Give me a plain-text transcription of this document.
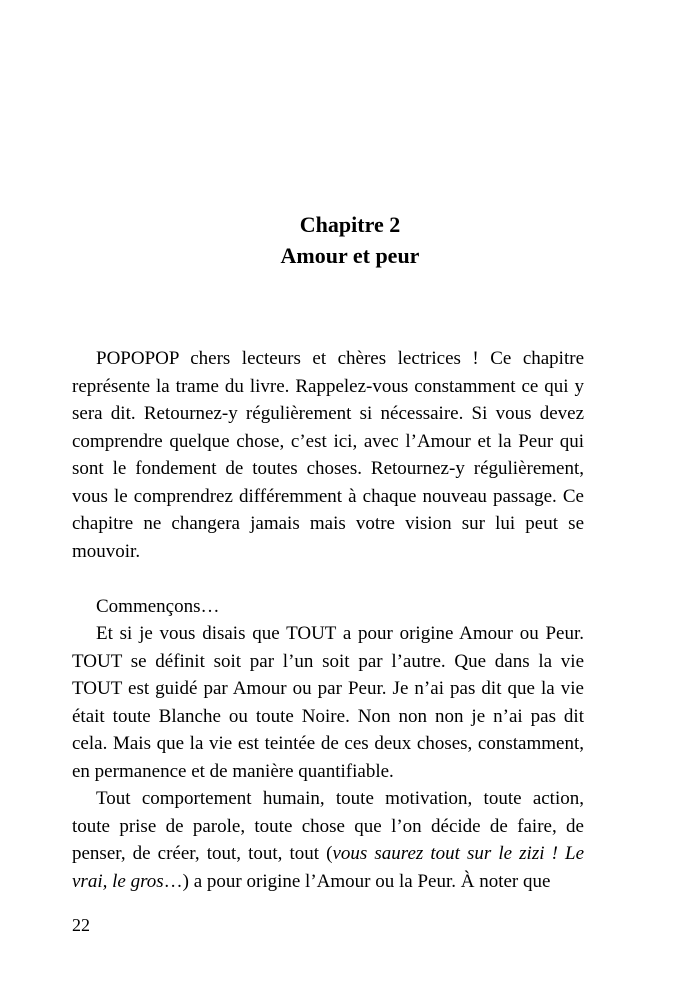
Chapitre 2
Amour et peur

POPOPOP chers lecteurs et chères lectrices ! Ce chapitre représente la trame du livre. Rappelez-vous constamment ce qui y sera dit. Retournez-y régulièrement si nécessaire. Si vous devez comprendre quelque chose, c’est ici, avec l’Amour et la Peur qui sont le fondement de toutes choses. Retournez-y régulièrement, vous le comprendrez différemment à chaque nouveau passage. Ce chapitre ne changera jamais mais votre vision sur lui peut se mouvoir.

Commençons…

Et si je vous disais que TOUT a pour origine Amour ou Peur. TOUT se définit soit par l’un soit par l’autre. Que dans la vie TOUT est guidé par Amour ou par Peur. Je n’ai pas dit que la vie était toute Blanche ou toute Noire. Non non non je n’ai pas dit cela. Mais que la vie est teintée de ces deux choses, constamment, en permanence et de manière quantifiable.

Tout comportement humain, toute motivation, toute action, toute prise de parole, toute chose que l’on décide de faire, de penser, de créer, tout, tout, tout (vous saurez tout sur le zizi ! Le vrai, le gros…) a pour origine l’Amour ou la Peur. À noter que

22
